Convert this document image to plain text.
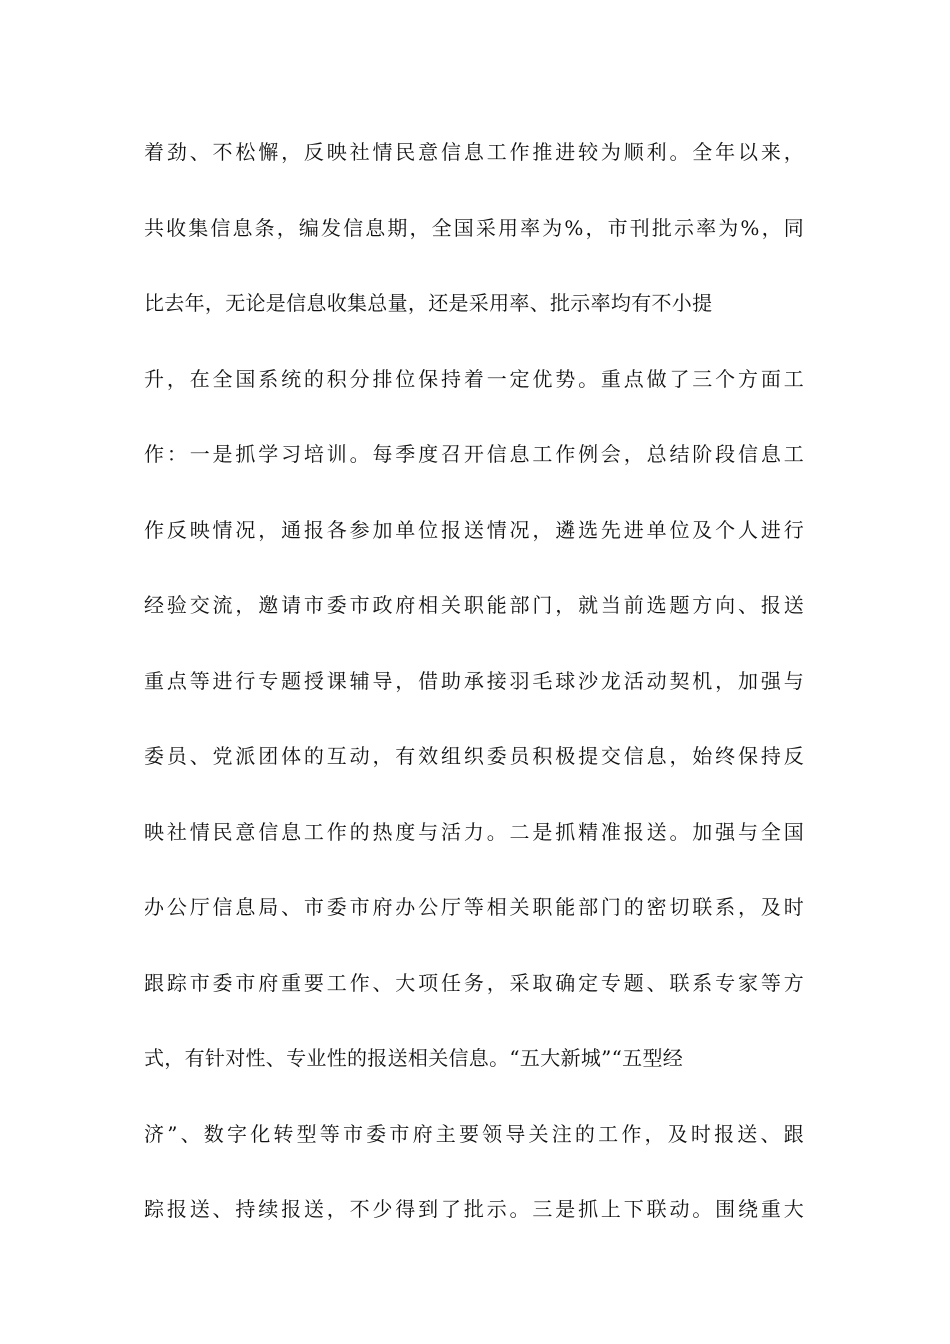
着劲、不松懈，反映社情民意信息工作推进较为顺利。全年以来，
共收集信息条，编发信息期，全国采用率为%，市刊批示率为%，同
比去年，无论是信息收集总量，还是采用率、批示率均有不小提
升，在全国系统的积分排位保持着一定优势。重点做了三个方面工
作：一是抓学习培训。每季度召开信息工作例会，总结阶段信息工
作反映情况，通报各参加单位报送情况，遴选先进单位及个人进行
经验交流，邀请市委市政府相关职能部门，就当前选题方向、报送
重点等进行专题授课辅导，借助承接羽毛球沙龙活动契机，加强与
委员、党派团体的互动，有效组织委员积极提交信息，始终保持反
映社情民意信息工作的热度与活力。二是抓精准报送。加强与全国
办公厅信息局、市委市府办公厅等相关职能部门的密切联系，及时
跟踪市委市府重要工作、大项任务，采取确定专题、联系专家等方
式，有针对性、专业性的报送相关信息。“五大新城”“五型经
济”、数字化转型等市委市府主要领导关注的工作，及时报送、跟
踪报送、持续报送，不少得到了批示。三是抓上下联动。围绕重大
